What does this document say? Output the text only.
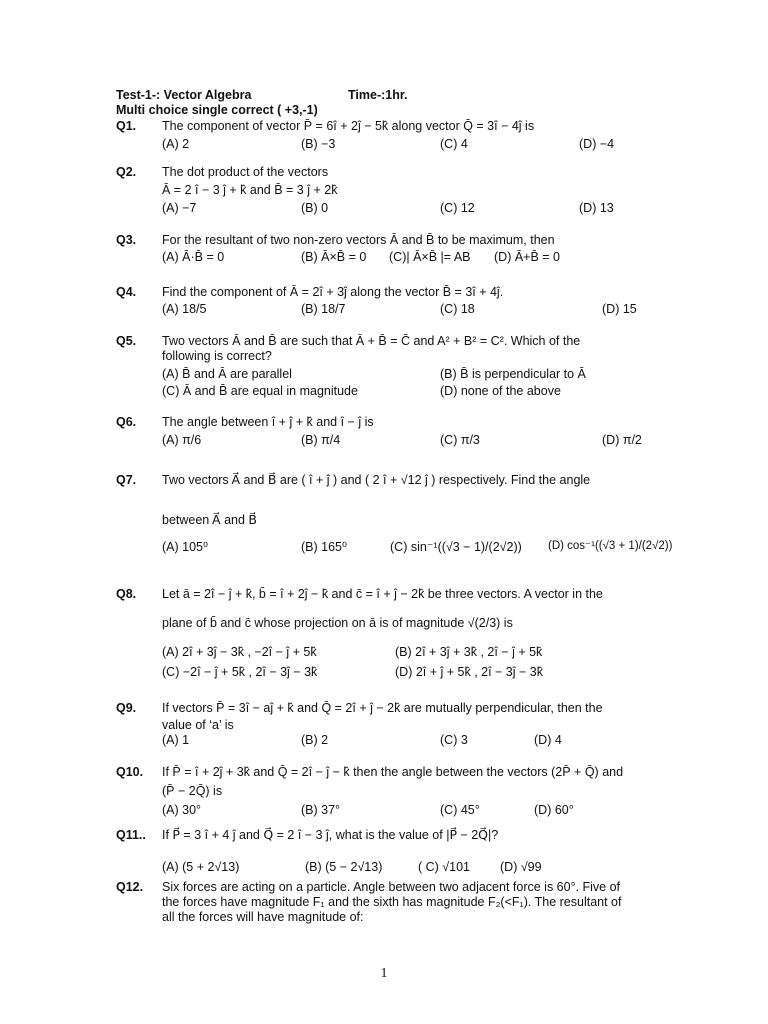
Test-1-: Vector Algebra	Time-:1hr.
Multi choice single correct ( +3,-1)
Q1. The component of vector P̄ = 6î + 2ĵ − 5k̂ along vector Q̄ = 3î − 4ĵ is
(A) 2	(B) −3	(C) 4	(D) −4
Q2. The dot product of the vectors
Ā = 2 î − 3 ĵ + k̂ and B̄ = 3 ĵ + 2k̂
(A) −7	(B) 0	(C) 12	(D) 13
Q3. For the resultant of two non-zero vectors Ā and B̄ to be maximum, then
(A) Ā·B̄ = 0	(B) Ā×B̄ = 0 (C)| Ā×B̄ |= AB (D) Ā+B̄ = 0
Q4. Find the component of Ā = 2î + 3ĵ along the vector B̄ = 3î + 4ĵ.
(A) 18/5	(B) 18/7	(C) 18	(D) 15
Q5. Two vectors Ā and B̄ are such that Ā + B̄ = C̄ and A² + B² = C². Which of the
following is correct?
(A) B̄ and Ā are parallel	(B) B̄ is perpendicular to Ā
(C) Ā and B̄ are equal in magnitude	(D) none of the above
Q6. The angle between î + ĵ + k̂ and î − ĵ is
(A) π/6	(B) π/4	(C) π/3	(D) π/2
Q7. Two vectors A⃗ and B⃗ are ( î + ĵ ) and ( 2 î + √12 ĵ ) respectively. Find the angle
between A⃗ and B⃗
(A) 105⁰	(B) 165⁰	(C) sin⁻¹((√3 − 1)/(2√2)) (D) cos⁻¹((√3 + 1)/(2√2))
Q8. Let ā = 2î − ĵ + k̂, b̄ = î + 2ĵ − k̂ and c̄ = î + ĵ − 2k̂ be three vectors. A vector in the
plane of b̄ and c̄ whose projection on ā is of magnitude √(2/3) is
(A) 2î + 3ĵ − 3k̂ , −2î − ĵ + 5k̂	(B) 2î + 3ĵ + 3k̂ , 2î − ĵ + 5k̂
(C) −2î − ĵ + 5k̂ , 2î − 3ĵ − 3k̂	(D) 2î + ĵ + 5k̂ , 2î − 3ĵ − 3k̂
Q9. If vectors P̄ = 3î − aĵ + k̂ and Q̄ = 2î + ĵ − 2k̂ are mutually perpendicular, then the
value of ‘a’ is
(A) 1	(B) 2	(C) 3	(D) 4
Q10. If P̄ = î + 2ĵ + 3k̂ and Q̄ = 2î − ĵ − k̂ then the angle between the vectors (2P̄ + Q̄) and
(P̄ − 2Q̄) is
(A) 30°	(B) 37°	(C) 45°	(D) 60°
Q11.. If P⃗ = 3 î + 4 ĵ and Q⃗ = 2 î − 3 ĵ, what is the value of |P⃗ − 2Q⃗|?
(A) (5 + 2√13)	(B) (5 − 2√13)	( C) √101 (D) √99
Q12. Six forces are acting on a particle. Angle between two adjacent force is 60°. Five of
the forces have magnitude F₁ and the sixth has magnitude F₂(<F₁). The resultant of
all the forces will have magnitude of:
1
